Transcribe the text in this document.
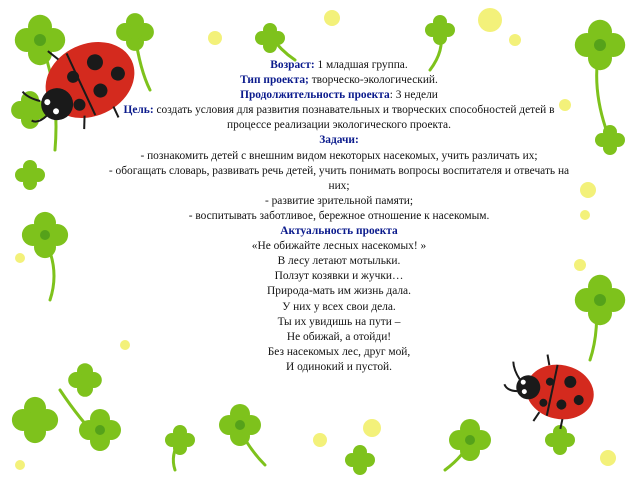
Возраст: 1 младшая группа.
Тип проекта; творческо-экологический.
Продолжительность проекта: 3 недели
Цель: создать условия для развития познавательных и творческих способностей детей в процессе реализации экологического проекта.
Задачи:
- познакомить детей с внешним видом некоторых насекомых, учить различать их;
- обогащать словарь, развивать речь детей, учить понимать вопросы воспитателя и отвечать на них;
- развитие зрительной памяти;
- воспитывать заботливое, бережное отношение к насекомым.
Актуальность проекта
«Не обижайте лесных насекомых! »
В лесу летают мотыльки.
Ползут козявки и жучки…
Природа-мать им жизнь дала.
У них у всех свои дела.
Ты их увидишь на пути –
Не обижай, а отойди!
Без насекомых лес, друг мой,
И одинокий и пустой.
